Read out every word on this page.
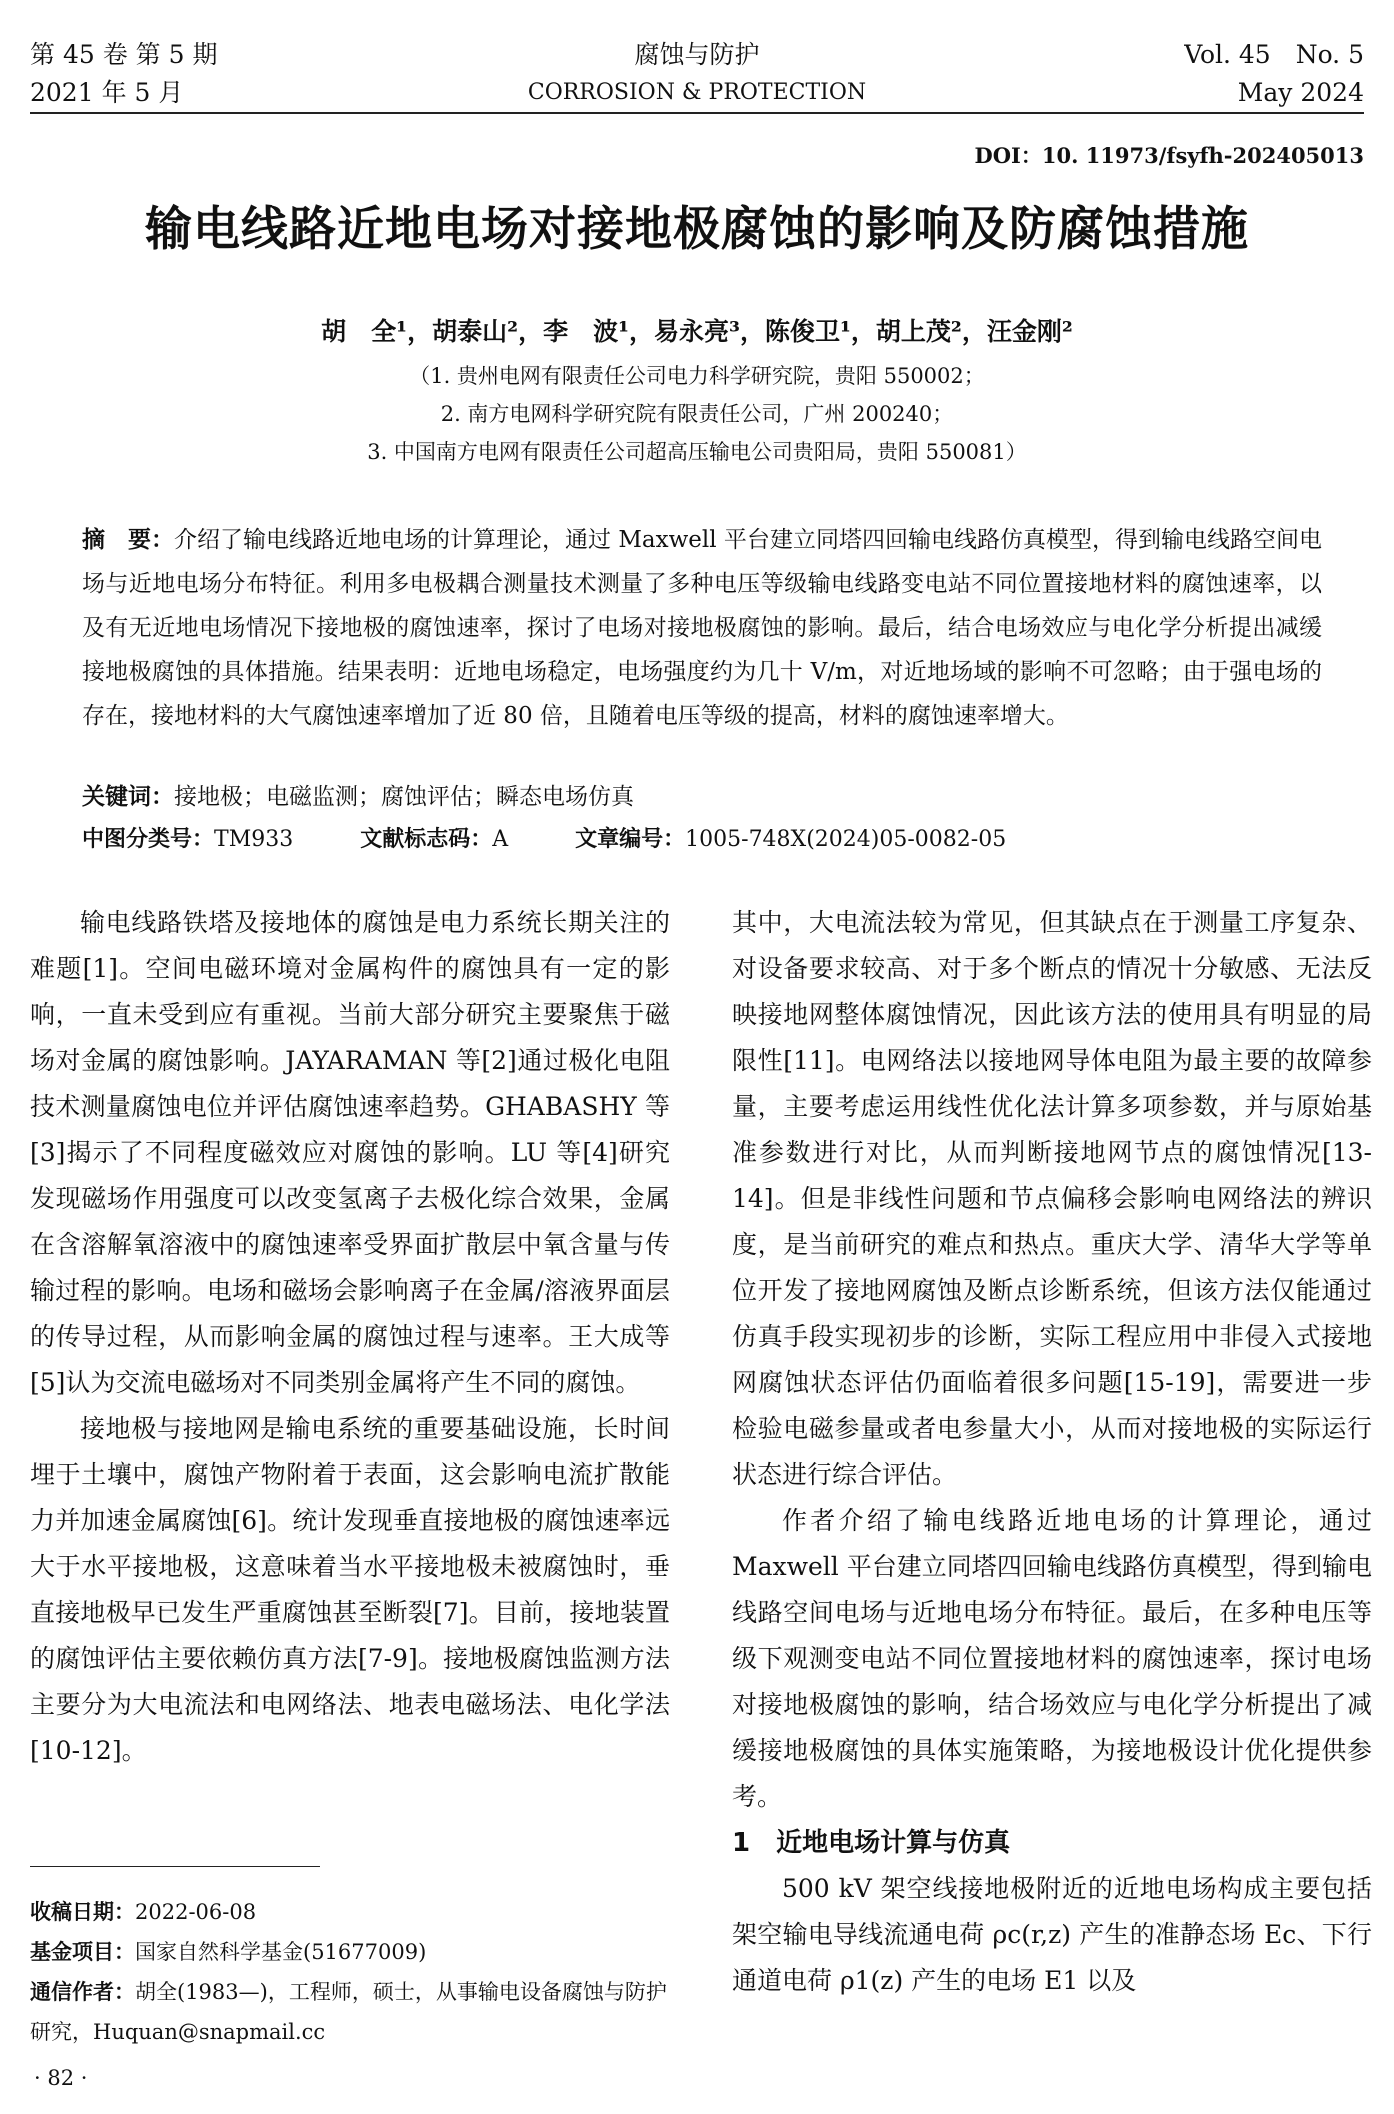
第 45 卷 第 5 期
2021 年 5 月
腐蚀与防护
CORROSION & PROTECTION
Vol. 45　No. 5
May 2024
DOI：10. 11973/fsyfh-202405013
输电线路近地电场对接地极腐蚀的影响及防腐蚀措施
胡　全¹，胡泰山²，李　波¹，易永亮³，陈俊卫¹，胡上茂²，汪金刚²
（1. 贵州电网有限责任公司电力科学研究院，贵阳 550002；
2. 南方电网科学研究院有限责任公司，广州 200240；
3. 中国南方电网有限责任公司超高压输电公司贵阳局，贵阳 550081）
摘　要：介绍了输电线路近地电场的计算理论，通过 Maxwell 平台建立同塔四回输电线路仿真模型，得到输电线路空间电场与近地电场分布特征。利用多电极耦合测量技术测量了多种电压等级输电线路变电站不同位置接地材料的腐蚀速率，以及有无近地电场情况下接地极的腐蚀速率，探讨了电场对接地极腐蚀的影响。最后，结合电场效应与电化学分析提出减缓接地极腐蚀的具体措施。结果表明：近地电场稳定，电场强度约为几十 V/m，对近地场域的影响不可忽略；由于强电场的存在，接地材料的大气腐蚀速率增加了近 80 倍，且随着电压等级的提高，材料的腐蚀速率增大。
关键词：接地极；电磁监测；腐蚀评估；瞬态电场仿真
中图分类号：TM933	文献标志码：A	文章编号：1005-748X(2024)05-0082-05

输电线路铁塔及接地体的腐蚀是电力系统长期关注的难题[1]。空间电磁环境对金属构件的腐蚀具有一定的影响，一直未受到应有重视。当前大部分研究主要聚焦于磁场对金属的腐蚀影响。JAYARAMAN 等[2]通过极化电阻技术测量腐蚀电位并评估腐蚀速率趋势。GHABASHY 等[3]揭示了不同程度磁效应对腐蚀的影响。LU 等[4]研究发现磁场作用强度可以改变氢离子去极化综合效果，金属在含溶解氧溶液中的腐蚀速率受界面扩散层中氧含量与传输过程的影响。电场和磁场会影响离子在金属/溶液界面层的传导过程，从而影响金属的腐蚀过程与速率。王大成等[5]认为交流电磁场对不同类别金属将产生不同的腐蚀。

接地极与接地网是输电系统的重要基础设施，长时间埋于土壤中，腐蚀产物附着于表面，这会影响电流扩散能力并加速金属腐蚀[6]。统计发现垂直接地极的腐蚀速率远大于水平接地极，这意味着当水平接地极未被腐蚀时，垂直接地极早已发生严重腐蚀甚至断裂[7]。目前，接地装置的腐蚀评估主要依赖仿真方法[7-9]。接地极腐蚀监测方法主要分为大电流法和电网络法、地表电磁场法、电化学法[10-12]。

其中，大电流法较为常见，但其缺点在于测量工序复杂、对设备要求较高、对于多个断点的情况十分敏感、无法反映接地网整体腐蚀情况，因此该方法的使用具有明显的局限性[11]。电网络法以接地网导体电阻为最主要的故障参量，主要考虑运用线性优化法计算多项参数，并与原始基准参数进行对比，从而判断接地网节点的腐蚀情况[13-14]。但是非线性问题和节点偏移会影响电网络法的辨识度，是当前研究的难点和热点。重庆大学、清华大学等单位开发了接地网腐蚀及断点诊断系统，但该方法仅能通过仿真手段实现初步的诊断，实际工程应用中非侵入式接地网腐蚀状态评估仍面临着很多问题[15-19]，需要进一步检验电磁参量或者电参量大小，从而对接地极的实际运行状态进行综合评估。

作者介绍了输电线路近地电场的计算理论，通过 Maxwell 平台建立同塔四回输电线路仿真模型，得到输电线路空间电场与近地电场分布特征。最后，在多种电压等级下观测变电站不同位置接地材料的腐蚀速率，探讨电场对接地极腐蚀的影响，结合场效应与电化学分析提出了减缓接地极腐蚀的具体实施策略，为接地极设计优化提供参考。

1　近地电场计算与仿真

500 kV 架空线接地极附近的近地电场构成主要包括架空输电导线流通电荷 ρc(r,z) 产生的准静态场 Ec、下行通道电荷 ρ1(z) 产生的电场 E1 以及

收稿日期：2022-06-08
基金项目：国家自然科学基金(51677009)
通信作者：胡全(1983—)，工程师，硕士，从事输电设备腐蚀与防护研究，Huquan@snapmail.cc
· 82 ·
